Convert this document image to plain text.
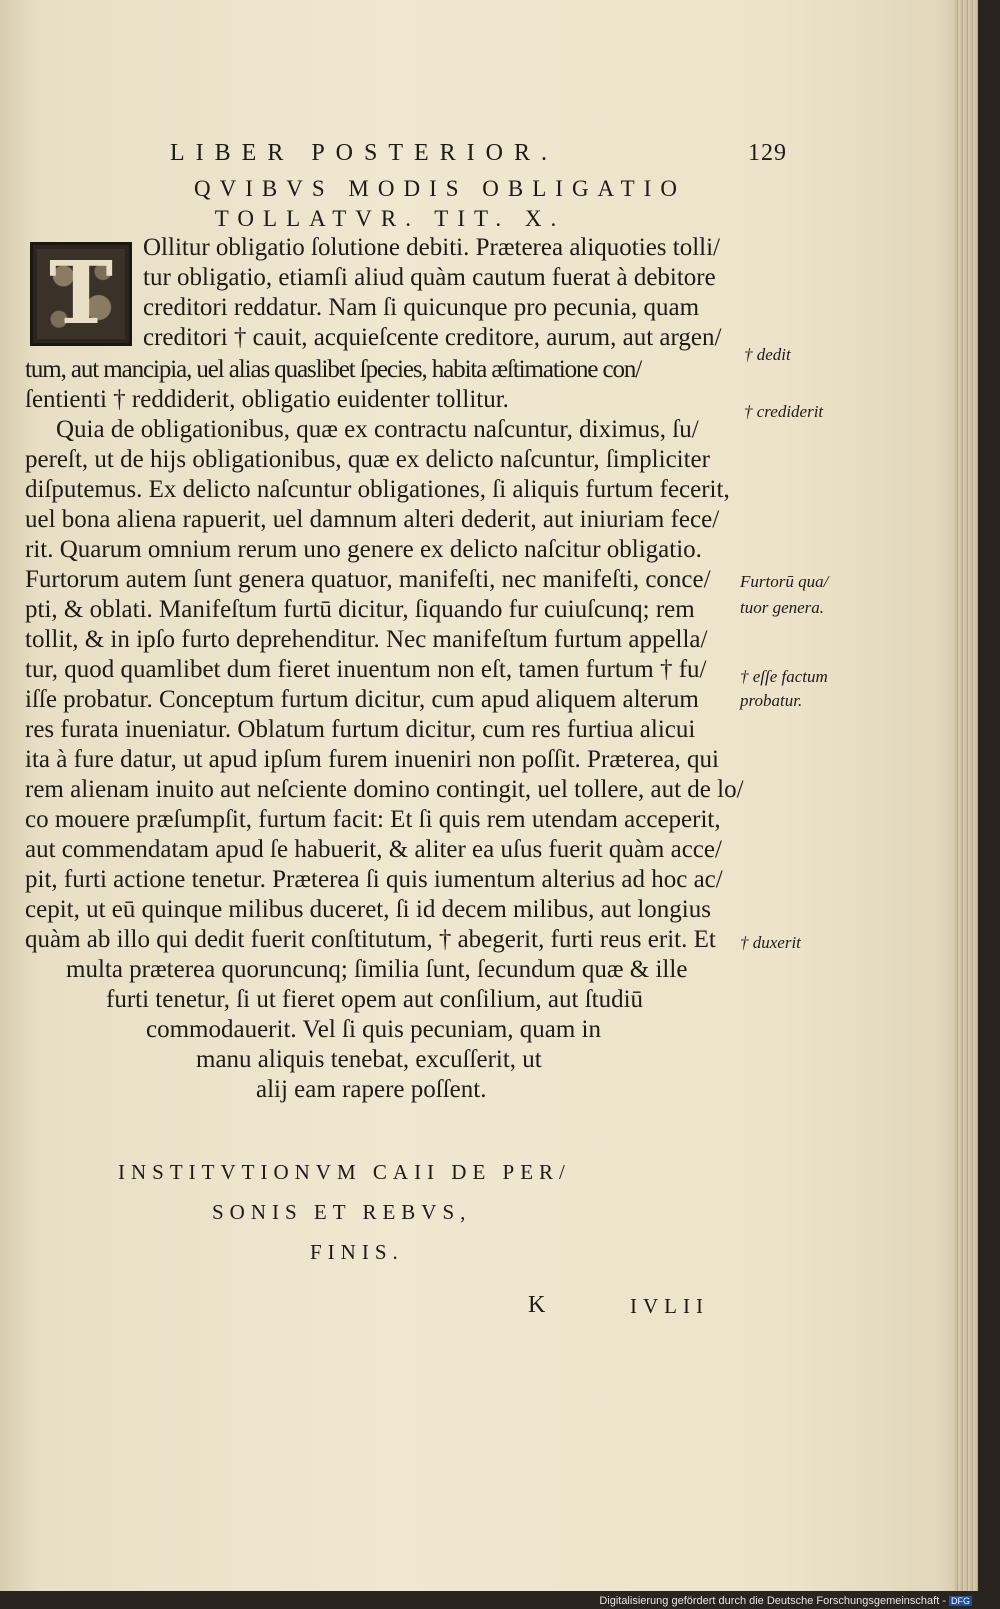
LIBER POSTERIOR.	129
QVIBVS MODIS OBLIGATIO
TOLLATVR. TIT. X.
T	Ollitur obligatio ſolutione debiti. Præterea aliquoties tolli/
tur obligatio, etiamſi aliud quàm cautum fuerat à debitore
creditori reddatur. Nam ſi quicunque pro pecunia, quam
creditori † cauit, acquieſcente creditore, aurum, aut argen/
tum, aut mancipia, uel alias quaslibet ſpecies, habita æſtimatione con/
ſentienti † reddiderit, obligatio euidenter tollitur.
Quia de obligationibus, quæ ex contractu naſcuntur, diximus, ſu/
pereſt, ut de hijs obligationibus, quæ ex delicto naſcuntur, ſimpliciter
diſputemus. Ex delicto naſcuntur obligationes, ſi aliquis furtum fecerit,
uel bona aliena rapuerit, uel damnum alteri dederit, aut iniuriam fece/
rit. Quarum omnium rerum uno genere ex delicto naſcitur obligatio.
Furtorum autem ſunt genera quatuor, manifeſti, nec manifeſti, conce/
pti, & oblati. Manifeſtum furtū dicitur, ſiquando fur cuiuſcunq; rem
tollit, & in ipſo furto deprehenditur. Nec manifeſtum furtum appella/
tur, quod quamlibet dum fieret inuentum non eſt, tamen furtum † fu/
iſſe probatur. Conceptum furtum dicitur, cum apud aliquem alterum
res furata inueniatur. Oblatum furtum dicitur, cum res furtiua alicui
ita à fure datur, ut apud ipſum furem inueniri non poſſit. Præterea, qui
rem alienam inuito aut neſciente domino contingit, uel tollere, aut de lo/
co mouere præſumpſit, furtum facit: Et ſi quis rem utendam acceperit,
aut commendatam apud ſe habuerit, & aliter ea uſus fuerit quàm acce/
pit, furti actione tenetur. Præterea ſi quis iumentum alterius ad hoc ac/
cepit, ut eū quinque milibus duceret, ſi id decem milibus, aut longius
quàm ab illo qui dedit fuerit conſtitutum, † abegerit, furti reus erit. Et
multa præterea quoruncunq; ſimilia ſunt, ſecundum quæ & ille
furti tenetur, ſi ut fieret opem aut conſilium, aut ſtudiū
commodauerit. Vel ſi quis pecuniam, quam in
manu aliquis tenebat, excuſſerit, ut
alij eam rapere poſſent.
† dedit
† crediderit
Furtorū qua/
tuor genera.
† eſſe factum
probatur.
† duxerit
INSTITVTIONVM CAII DE PER/
SONIS ET REBVS,
FINIS.
K	IVLII
Digitalisierung gefördert durch die Deutsche Forschungsgemeinschaft - DFG
